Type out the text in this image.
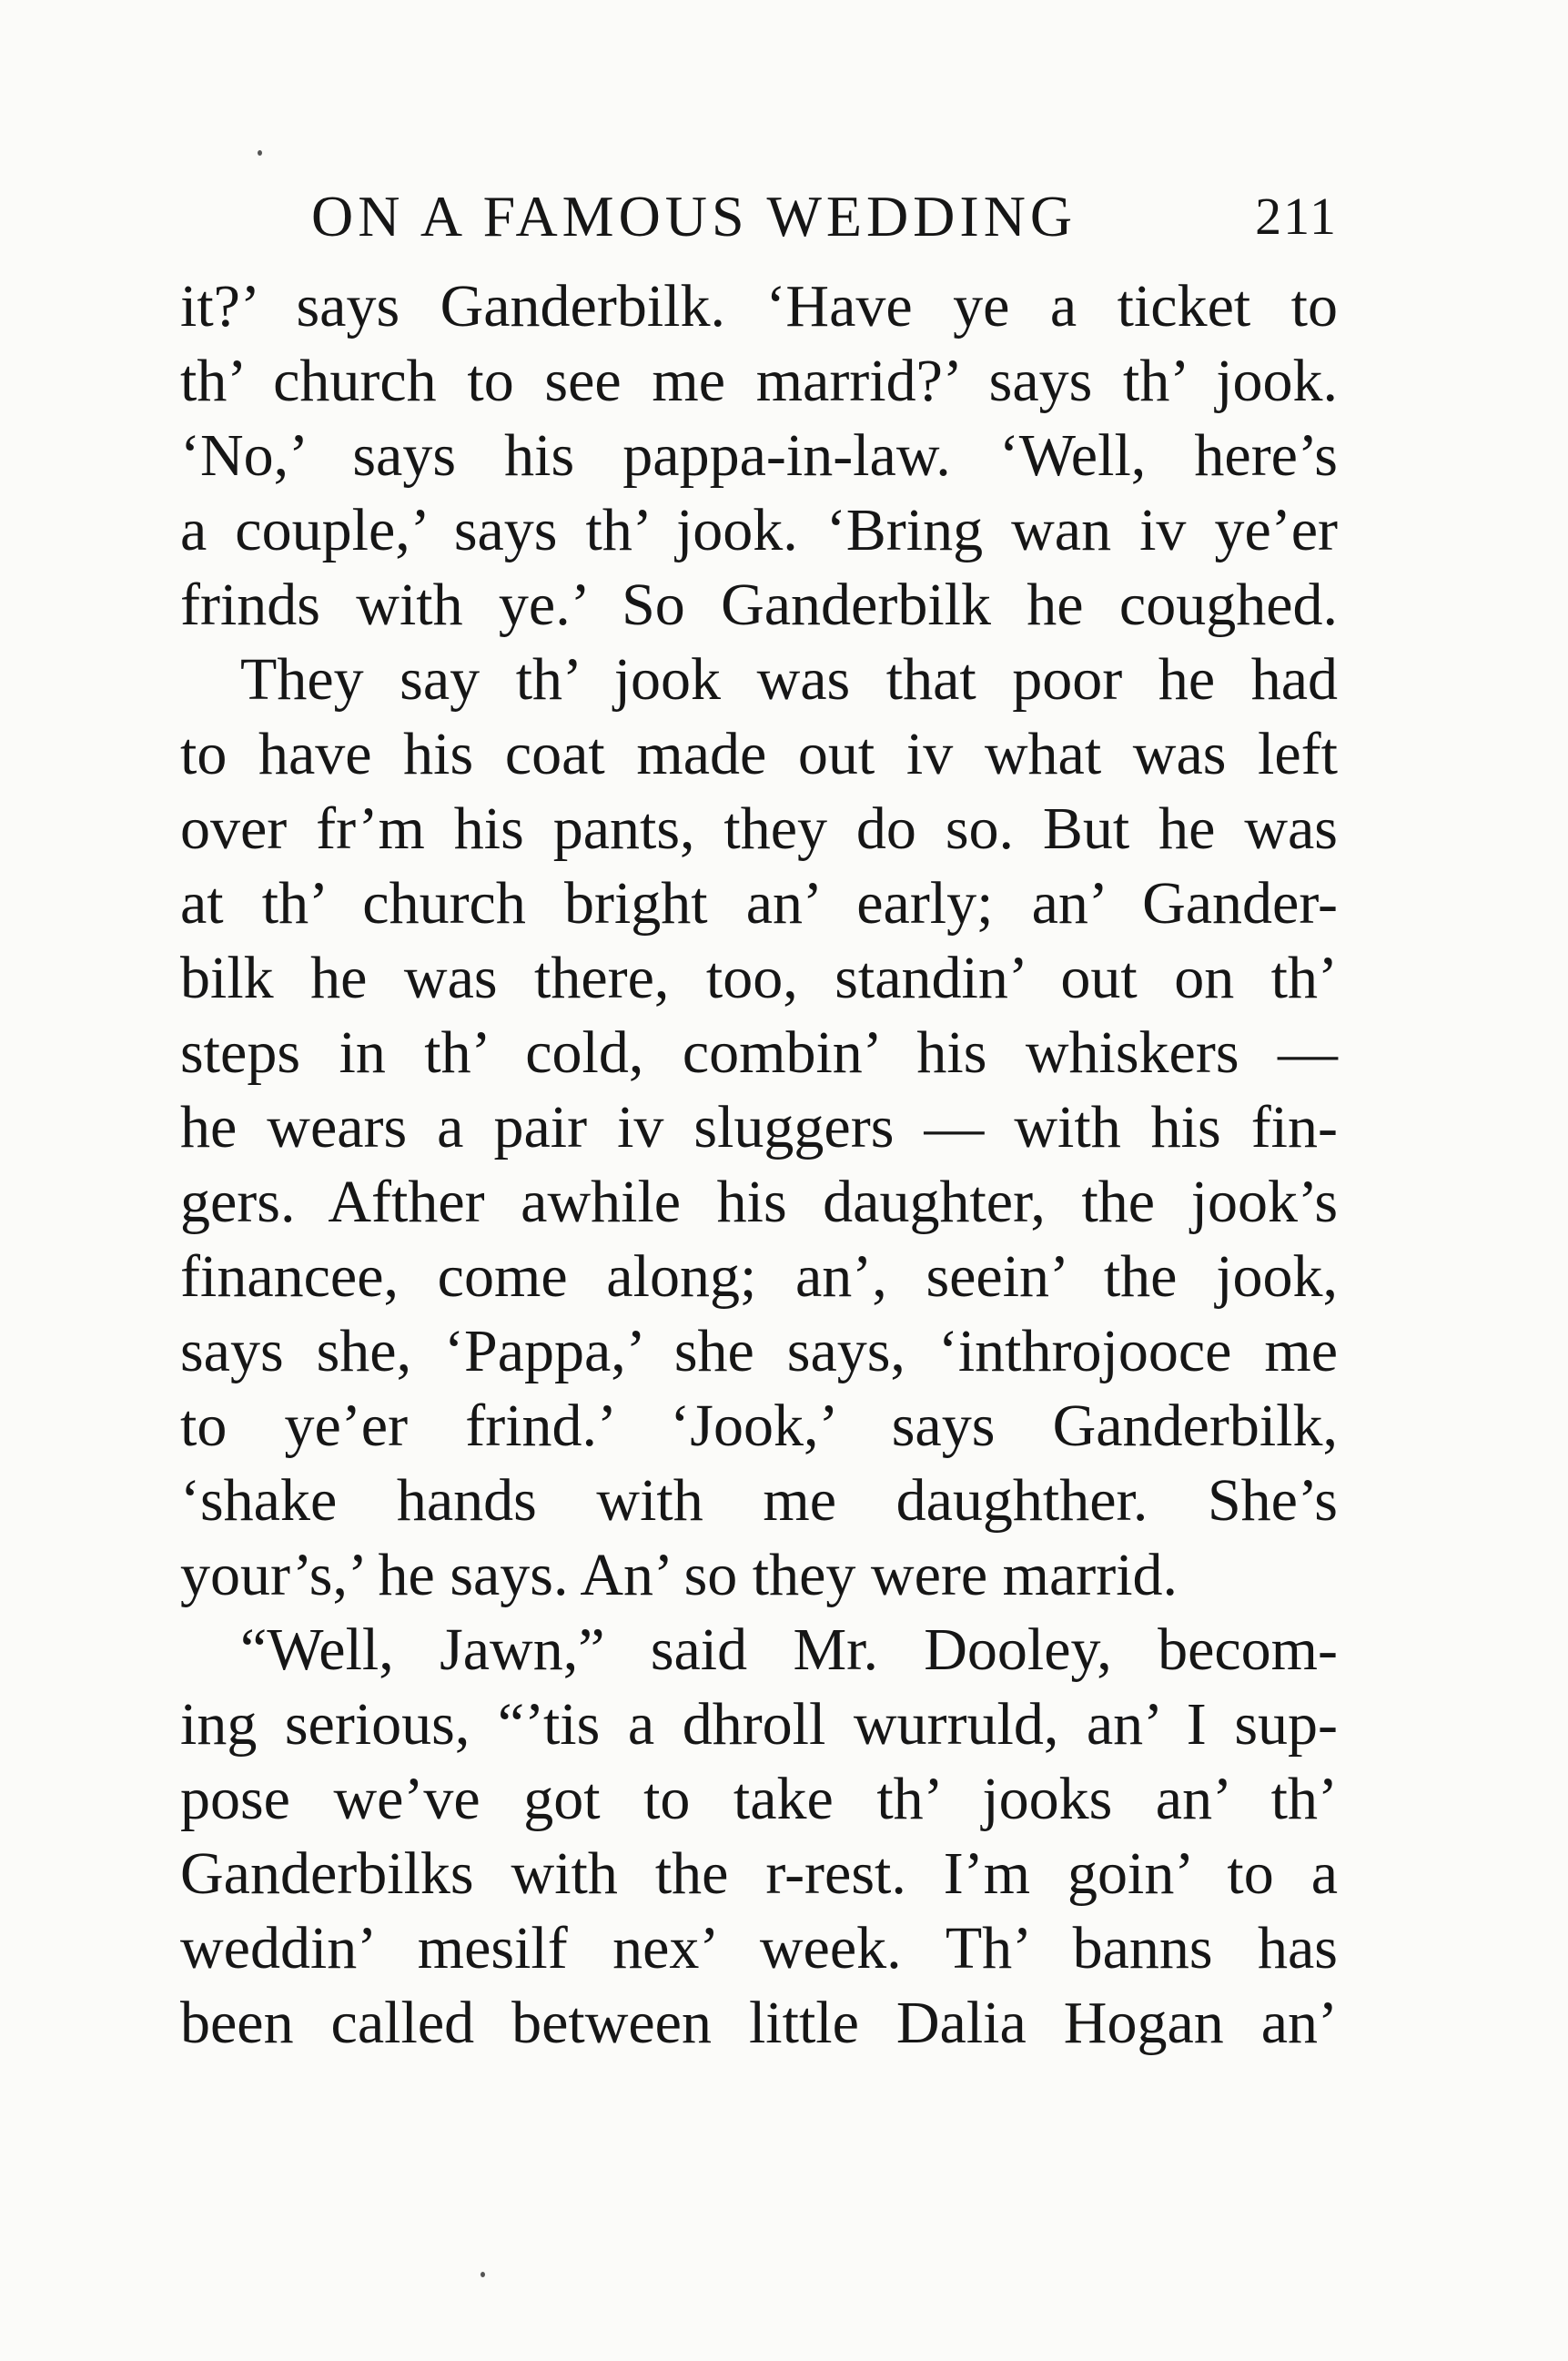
ON A FAMOUS WEDDING	211
it?’ says Ganderbilk. ‘Have ye a ticket to
th’ church to see me marrid?’ says th’ jook.
‘No,’ says his pappa-in-law. ‘Well, here’s
a couple,’ says th’ jook. ‘Bring wan iv ye’er
frinds with ye.’ So Ganderbilk he coughed.
They say th’ jook was that poor he had
to have his coat made out iv what was left
over fr’m his pants, they do so. But he was
at th’ church bright an’ early; an’ Gander-
bilk he was there, too, standin’ out on th’
steps in th’ cold, combin’ his whiskers —
he wears a pair iv sluggers — with his fin-
gers. Afther awhile his daughter, the jook’s
financee, come along; an’, seein’ the jook,
says she, ‘Pappa,’ she says, ‘inthrojooce me
to ye’er frind.’ ‘Jook,’ says Ganderbilk,
‘shake hands with me daughther. She’s
your’s,’ he says. An’ so they were marrid.
“Well, Jawn,” said Mr. Dooley, becom-
ing serious, “’tis a dhroll wurruld, an’ I sup-
pose we’ve got to take th’ jooks an’ th’
Ganderbilks with the r-rest. I’m goin’ to a
weddin’ mesilf nex’ week. Th’ banns has
been called between little Dalia Hogan an’
